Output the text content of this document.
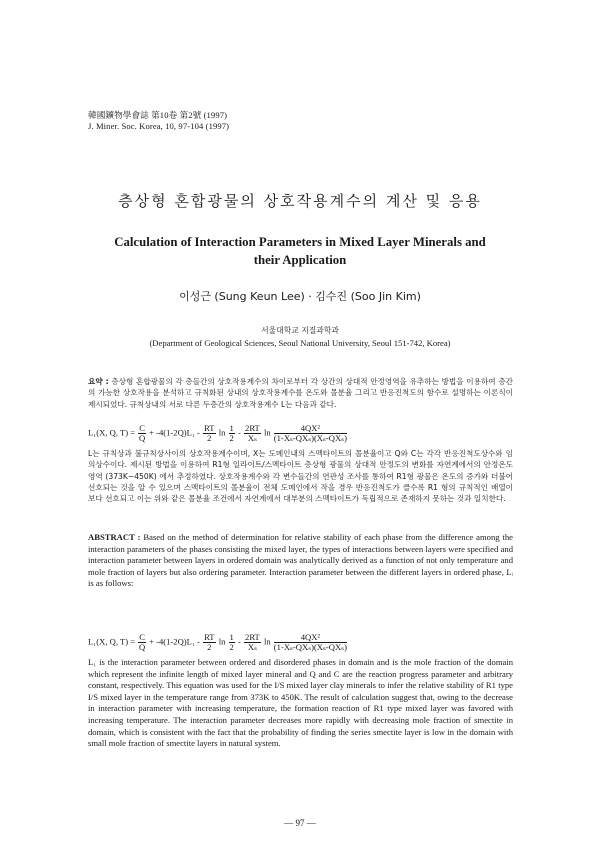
韓國鑛物學會誌 第10卷 第2號 (1997)
J. Miner. Soc. Korea, 10, 97-104 (1997)
층상형 혼합광물의 상호작용계수의 계산 및 응용
Calculation of Interaction Parameters in Mixed Layer Minerals and their Application
이성근 (Sung Keun Lee) · 김수진 (Soo Jin Kim)
서울대학교 지질과학과
(Department of Geological Sciences, Seoul National University, Seoul 151-742, Korea)
요약 : 층상형 혼합광물의 각 층들간의 상호작용계수의 차이로부터 각 상간의 상대적 안정영역을 유추하는 방법을 이용하여 층간의 가능한 상호작용을 분석하고 규칙화된 상내의 상호작용계수를 온도와 몰분율 그리고 반응진척도의 함수로 설명하는 이론식이 제시되었다. 규칙상내의 서로 다른 두층간의 상호작용계수 L는 다음과 같다.
L₁(X, Q, $T) = \frac{C}{Q} + -4(1-2Q)L_1 - \frac{RT}{2}$ $\ln \frac{1}{2} - \frac{2RT}{\text{Xₛ}}$ $\ln \frac{\text{4QX²}}{\text{(1-Xₛ-QXₛ)(Xₛ-QXₛ)}}$
L는 규칙상과 불규칙상사이의 상호작용계수이며, X는 도메인내의 스멕타이트의 몰분율이고 Q와 C는 각각 반응진척도상수와 임의상수이다. 제시된 방법을 이용하여 R1형 일라이트/스멕타이트 층상형 광물의 상대적 안정도의 변화를 자연계에서의 안정온도영역 (373K~450K) 에서 추정하였다. 상호작용계수와 각 변수들간의 연관성 조사를 통하여 R1형 광물은 온도의 증가와 더불어 선호되는 것을 알 수 있으며 스멕타이트의 몰분율이 전체 도메인에서 작을 경우 반응진척도가 클수록 R1 형의 규칙적인 배열이 보다 선호되고 이는 위와 같은 몰분율 조건에서 자연계에서 대부분의 스멕타이트가 독립적으로 존재하지 못하는 것과 일치한다.
ABSTRACT : Based on the method of determination for relative stability of each phase from the difference among the interaction parameters of the phases consisting the mixed layer, the types of interactions between layers were specified and interaction parameter between layers in ordered domain was analytically derived as a function of not only temperature and mole fraction of layers but also ordering parameter. Interaction parameter between the different layers in ordered phase, Lᵢ is as follows:
L₁(X, Q, $T) = \frac{C}{Q} + -4(1-2Q)L_1 - \frac{RT}{2}$ $\ln \frac{1}{2} - \frac{2RT}{\text{Xₛ}}$ $\ln \frac{\text{4QX²}}{\text{(1-Xₛ-QXₛ)(Xₛ-QXₛ)}}$
L₁ is the interaction parameter between ordered and disordered phases in domain and is the mole fraction of the domain which represent the infinite length of mixed layer mineral and Q and C are the reaction progress parameter and arbitrary constant, respectively. This equation was used for the I/S mixed layer clay minerals to infer the relative stability of R1 type I/S mixed layer in the temperature range from 373K to 450K. The result of calculation suggest that, owing to the decrease in interaction parameter with increasing temperature, the formation reaction of R1 type mixed layer was favored with increasing temperature. The interaction parameter decreases more rapidly with decreasing mole fraction of smectite in domain, which is consistent with the fact that the probability of finding the series smectite layer is low in the domain with small mole fraction of smectite layers in natural system.
— 97 —
